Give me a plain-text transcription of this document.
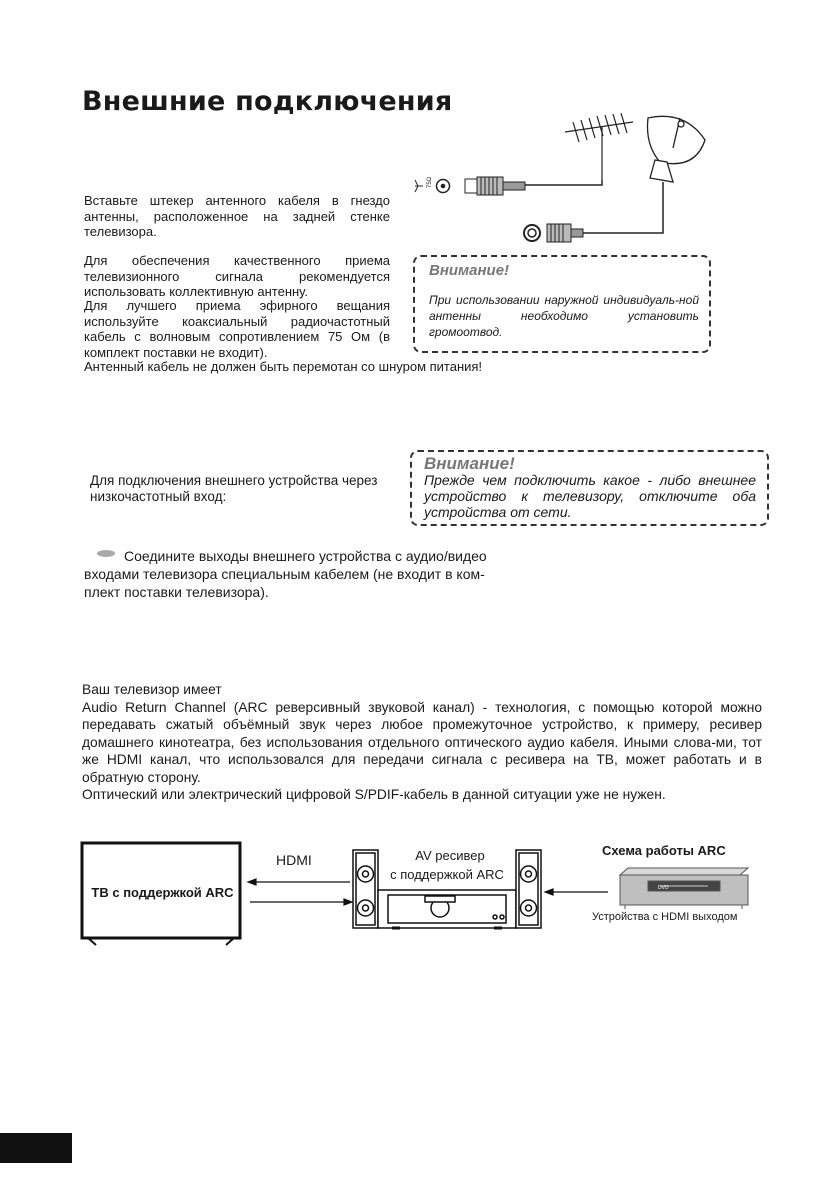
Внешние подключения
75Ω
Вставьте штекер антенного кабеля в гнездо антенны, расположенное на задней стенке телевизора.
Для обеспечения качественного приема телевизионного сигнала рекомендуется использовать коллективную антенну.
Для лучшего приема эфирного вещания используйте коаксиальный радиочастотный кабель с волновым сопротивлением 75 Ом (в комплект поставки не входит).
Антенный кабель не должен быть перемотан со шнуром питания!
Внимание!
При использовании наружной индивидуаль-ной антенны необходимо установить громоотвод.
Для подключения внешнего устройства через низкочастотный вход:
Внимание!
Прежде чем подключить какое - либо внешнее устройство к телевизору, отключите оба устройства от сети.
Соедините выходы внешнего устройства с аудио/видео входами телевизора специальным кабелем (не входит в ком-плект поставки телевизора).

Ваш телевизор имеет

Audio Return Channel (ARC реверсивный звуковой канал) - технология, с помощью которой можно передавать сжатый объёмный звук через любое промежуточное устройство, к примеру, ресивер домашнего кинотеатра, без использования отдельного оптического аудио кабеля. Иными слова-ми, тот же HDMI канал, что использовался для передачи сигнала с ресивера на ТВ, может работать и в обратную сторону.

Оптический или электрический цифровой S/PDIF-кабель в данной ситуации уже не нужен.

DVD
ТВ с поддержкой ARC
HDMI	AV ресивер
с поддержкой ARC
Схема работы ARC
Устройства с HDMI выходом
